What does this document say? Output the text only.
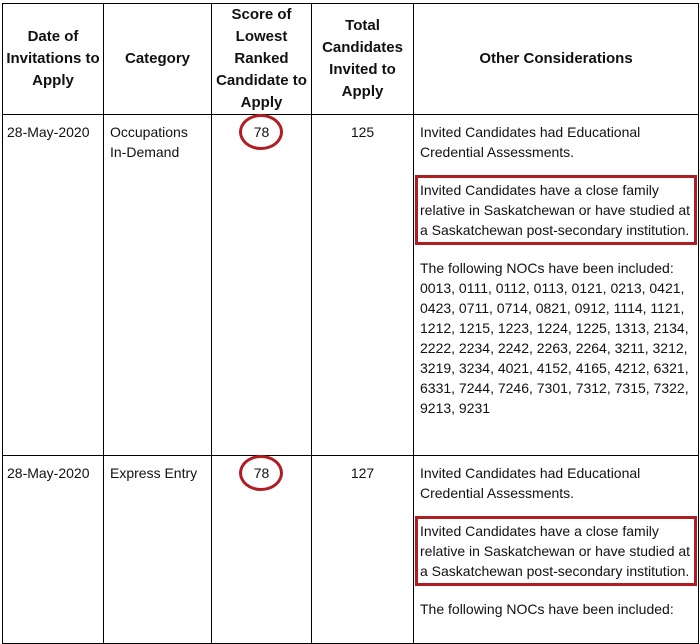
Date of Invitations to Apply	Category	Score of Lowest Ranked Candidate to Apply	Total Candidates Invited to Apply	Other Considerations

28-May-2020	Occupations In-Demand	78	125	Invited Candidates had Educational Credential Assessments.
Invited Candidates have a close family relative in Saskatchewan or have studied at a Saskatchewan post-secondary institution.
The following NOCs have been included:
0013, 0111, 0112, 0113, 0121, 0213, 0421, 0423, 0711, 0714, 0821, 0912, 1114, 1121, 1212, 1215, 1223, 1224, 1225, 1313, 2134, 2222, 2234, 2242, 2263, 2264, 3211, 3212, 3219, 3234, 4021, 4152, 4165, 4212, 6321, 6331, 7244, 7246, 7301, 7312, 7315, 7322, 9213, 9231

28-May-2020	Express Entry	78	127	Invited Candidates had Educational Credential Assessments.
Invited Candidates have a close family relative in Saskatchewan or have studied at a Saskatchewan post-secondary institution.
The following NOCs have been included:
